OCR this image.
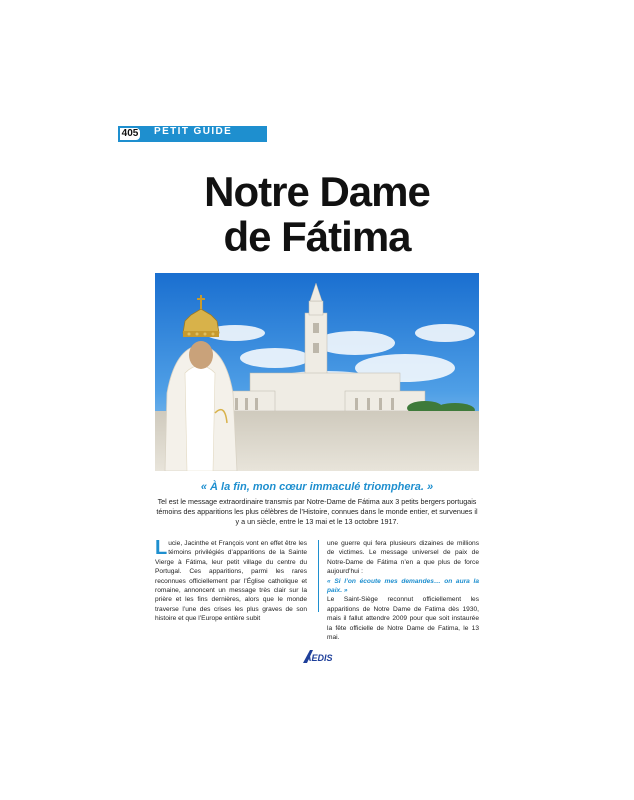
405	PETIT GUIDE
Notre Dame
de Fátima
« À la fin, mon cœur immaculé triomphera. »
Tel est le message extraordinaire transmis par Notre-Dame de Fátima aux 3 petits bergers portugais témoins des apparitions les plus célèbres de l’Histoire, connues dans le monde entier, et survenues il y a un siècle, entre le 13 mai et le 13 octobre 1917.

Lucie, Jacinthe et François vont en effet être les témoins privilégiés d’apparitions de la Sainte Vierge à Fátima, leur petit village du centre du Portugal. Ces apparitions, parmi les rares reconnues officiellement par l’Église catholique et romaine, annoncent un message très clair sur la prière et les fins dernières, alors que le monde traverse l’une des crises les plus graves de son histoire et que l’Europe entière subit

une guerre qui fera plusieurs dizaines de millions de victimes. Le message universel de paix de Notre-Dame de Fátima n’en a que plus de force aujourd’hui :

« Si l’on écoute mes demandes… on aura la paix. »

Le Saint-Siège reconnut officiellement les apparitions de Notre Dame de Fatima dès 1930, mais il fallut attendre 2009 pour que soit instaurée la fête officielle de Notre Dame de Fatima, le 13 mai.

AEDIS
